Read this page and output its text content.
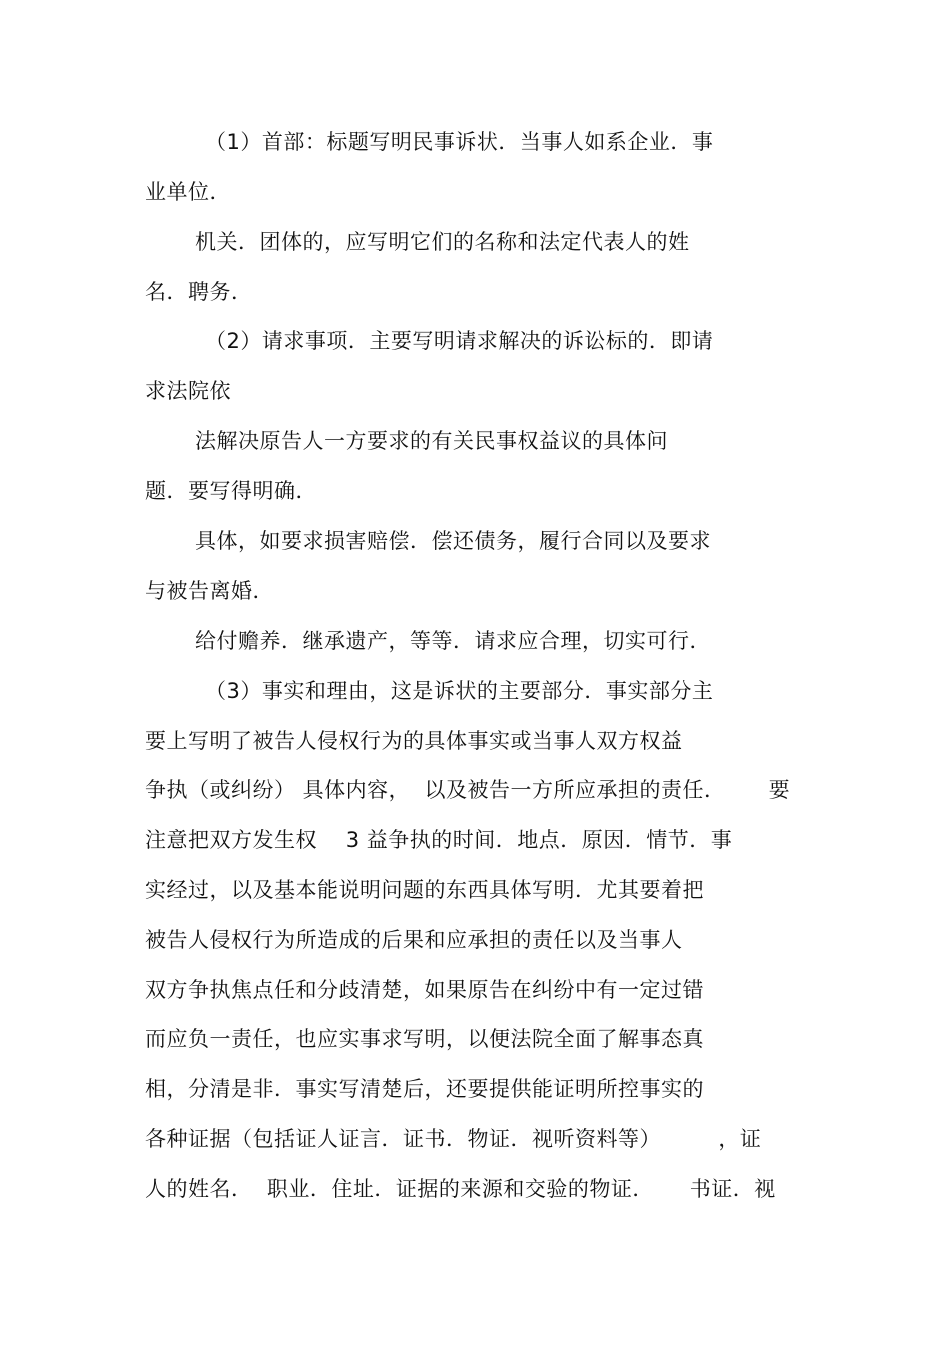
（1）首部：标题写明民事诉状．当事人如系企业．事
业单位．
机关．团体的，应写明它们的名称和法定代表人的姓
名．聘务．
（2）请求事项．主要写明请求解决的诉讼标的．即请
求法院依
法解决原告人一方要求的有关民事权益议的具体问
题．要写得明确．
具体，如要求损害赔偿．偿还债务，履行合同以及要求
与被告离婚．
给付赡养．继承遗产，等等．请求应合理，切实可行．
（3）事实和理由，这是诉状的主要部分．事实部分主
要上写明了被告人侵权行为的具体事实或当事人双方权益
争执（或纠纷） 具体内容，  以及被告一方所应承担的责任．      要
注意把双方发生权    3 益争执的时间．地点．原因．情节．事
实经过，以及基本能说明问题的东西具体写明．尤其要着把
被告人侵权行为所造成的后果和应承担的责任以及当事人
双方争执焦点任和分歧清楚，如果原告在纠纷中有一定过错
而应负一责任，也应实事求写明，以便法院全面了解事态真
相，分清是非．事实写清楚后，还要提供能证明所控事实的
各种证据（包括证人证言．证书．物证．视听资料等）        ，证
人的姓名．  职业．住址．证据的来源和交验的物证．     书证．视
